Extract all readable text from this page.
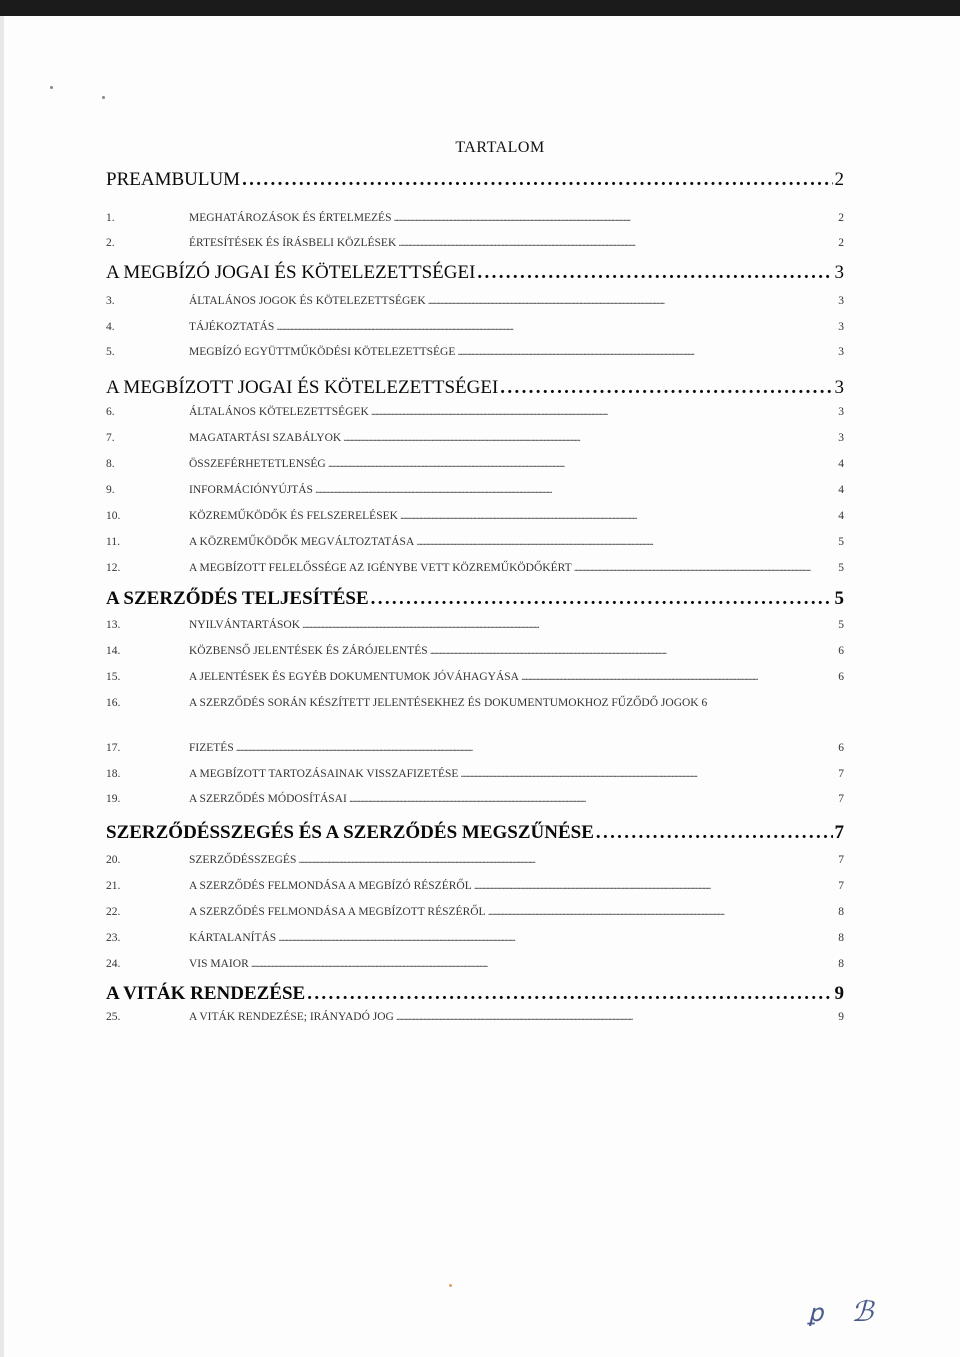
TARTALOM
PREAMBULUM . . .	2
1.	MEGHATÁROZÁSOK ÉS ÉRTELMEZÉS . . .	2
2.	ÉRTESÍTÉSEK ÉS ÍRÁSBELI KÖZLÉSEK . . .	2
A MEGBÍZÓ JOGAI ÉS KÖTELEZETTSÉGEI . . .	3
3.	ÁLTALÁNOS JOGOK ÉS KÖTELEZETTSÉGEK . . .	3
4.	TÁJÉKOZTATÁS . . .	3
5.	MEGBÍZÓ EGYÜTTMŰKÖDÉSI KÖTELEZETTSÉGE . . .	3
A MEGBÍZOTT JOGAI ÉS KÖTELEZETTSÉGEI . . .	3
6.	ÁLTALÁNOS KÖTELEZETTSÉGEK . . .	3
7.	MAGATARTÁSI SZABÁLYOK . . .	3
8.	ÖSSZEFÉRHETETLENSÉG . . .	4
9.	INFORMÁCIÓNYÚJTÁS . . .	4
10.	KÖZREMŰKÖDŐK ÉS FELSZERELÉSEK . . .	4
11.	A KÖZREMŰKÖDŐK MEGVÁLTOZTATÁSA . . .	5
12.	A MEGBÍZOTT FELELŐSSÉGE AZ IGÉNYBE VETT KÖZREMŰKÖDŐKÉRT . . .	5
A SZERZŐDÉS TELJESÍTÉSE . . .	5
13.	NYILVÁNTARTÁSOK . . .	5
14.	KÖZBENSŐ JELENTÉSEK ÉS ZÁRÓJELENTÉS . . .	6
15.	A JELENTÉSEK ÉS EGYÉB DOKUMENTUMOK JÓVÁHAGYÁSA . . .	6
16.	A SZERZŐDÉS SORÁN KÉSZÍTETT JELENTÉSEKHEZ ÉS DOKUMENTUMOKHOZ FŰZŐDŐ JOGOK 6
17.	FIZETÉS . . .	6
18.	A MEGBÍZOTT TARTOZÁSAINAK VISSZAFIZETÉSE . . .	7
19.	A SZERZŐDÉS MÓDOSÍTÁSAI . . .	7
SZERZŐDÉSSZEGÉS ÉS A SZERZŐDÉS MEGSZŰNÉSE . . .	7
20.	SZERZŐDÉSSZEGÉS . . .	7
21.	A SZERZŐDÉS FELMONDÁSA A MEGBÍZÓ RÉSZÉRŐL . . .	7
22.	A SZERZŐDÉS FELMONDÁSA A MEGBÍZOTT RÉSZÉRŐL . . .	8
23.	KÁRTALANÍTÁS . . .	8
24.	VIS MAIOR . . .	8
A VITÁK RENDEZÉSE . . .	9
25.	A VITÁK RENDEZÉSE; IRÁNYADÓ JOG . . .	9
ꝑ ℬ
